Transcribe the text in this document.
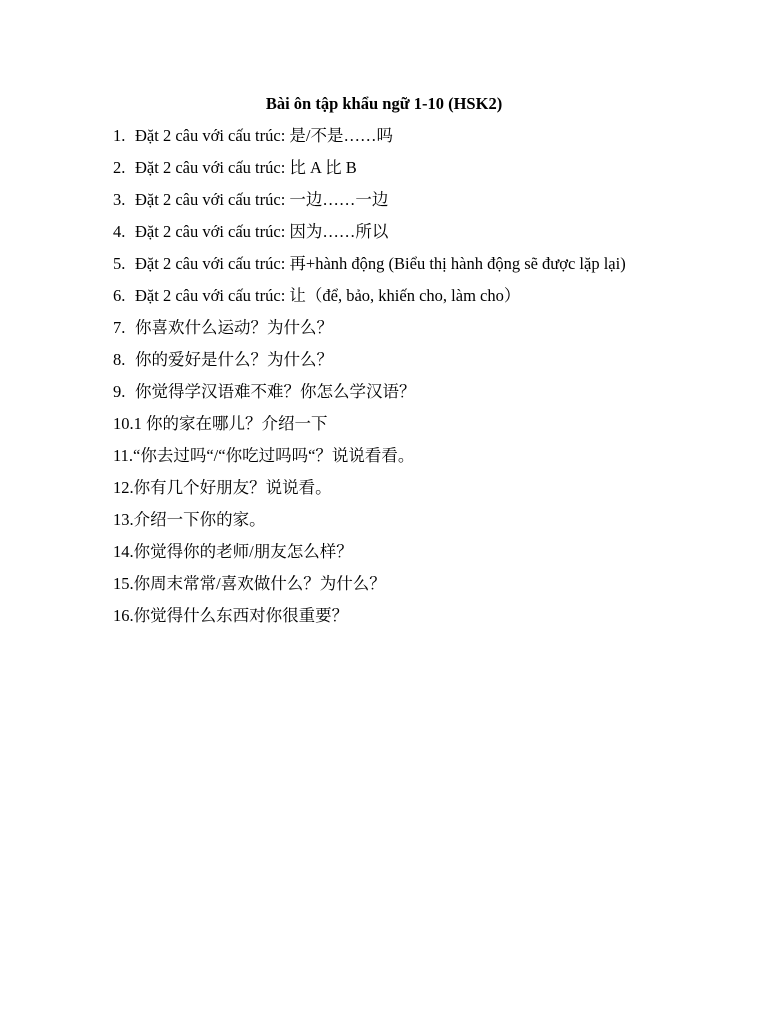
Bài ôn tập khẩu ngữ 1-10 (HSK2)
1. Đặt 2 câu với cấu trúc: 是/不是……吗
2. Đặt 2 câu với cấu trúc: 比 A 比 B
3. Đặt 2 câu với cấu trúc: 一边……一边
4. Đặt 2 câu với cấu trúc: 因为……所以
5. Đặt 2 câu với cấu trúc: 再+hành động (Biểu thị hành động sẽ được lặp lại)
6. Đặt 2 câu với cấu trúc: 让（để, bảo, khiến cho, làm cho）
7. 你喜欢什么运动？为什么？
8. 你的爱好是什么？为什么？
9. 你觉得学汉语难不难？你怎么学汉语？
10. 1 你的家在哪儿？介绍一下
11. “你去过吗“/“你吃过吗吗“？说说看看。
12. 你有几个好朋友？说说看。
13. 介绍一下你的家。
14. 你觉得你的老师/朋友怎么样？
15. 你周末常常/喜欢做什么？为什么？
16. 你觉得什么东西对你很重要？
